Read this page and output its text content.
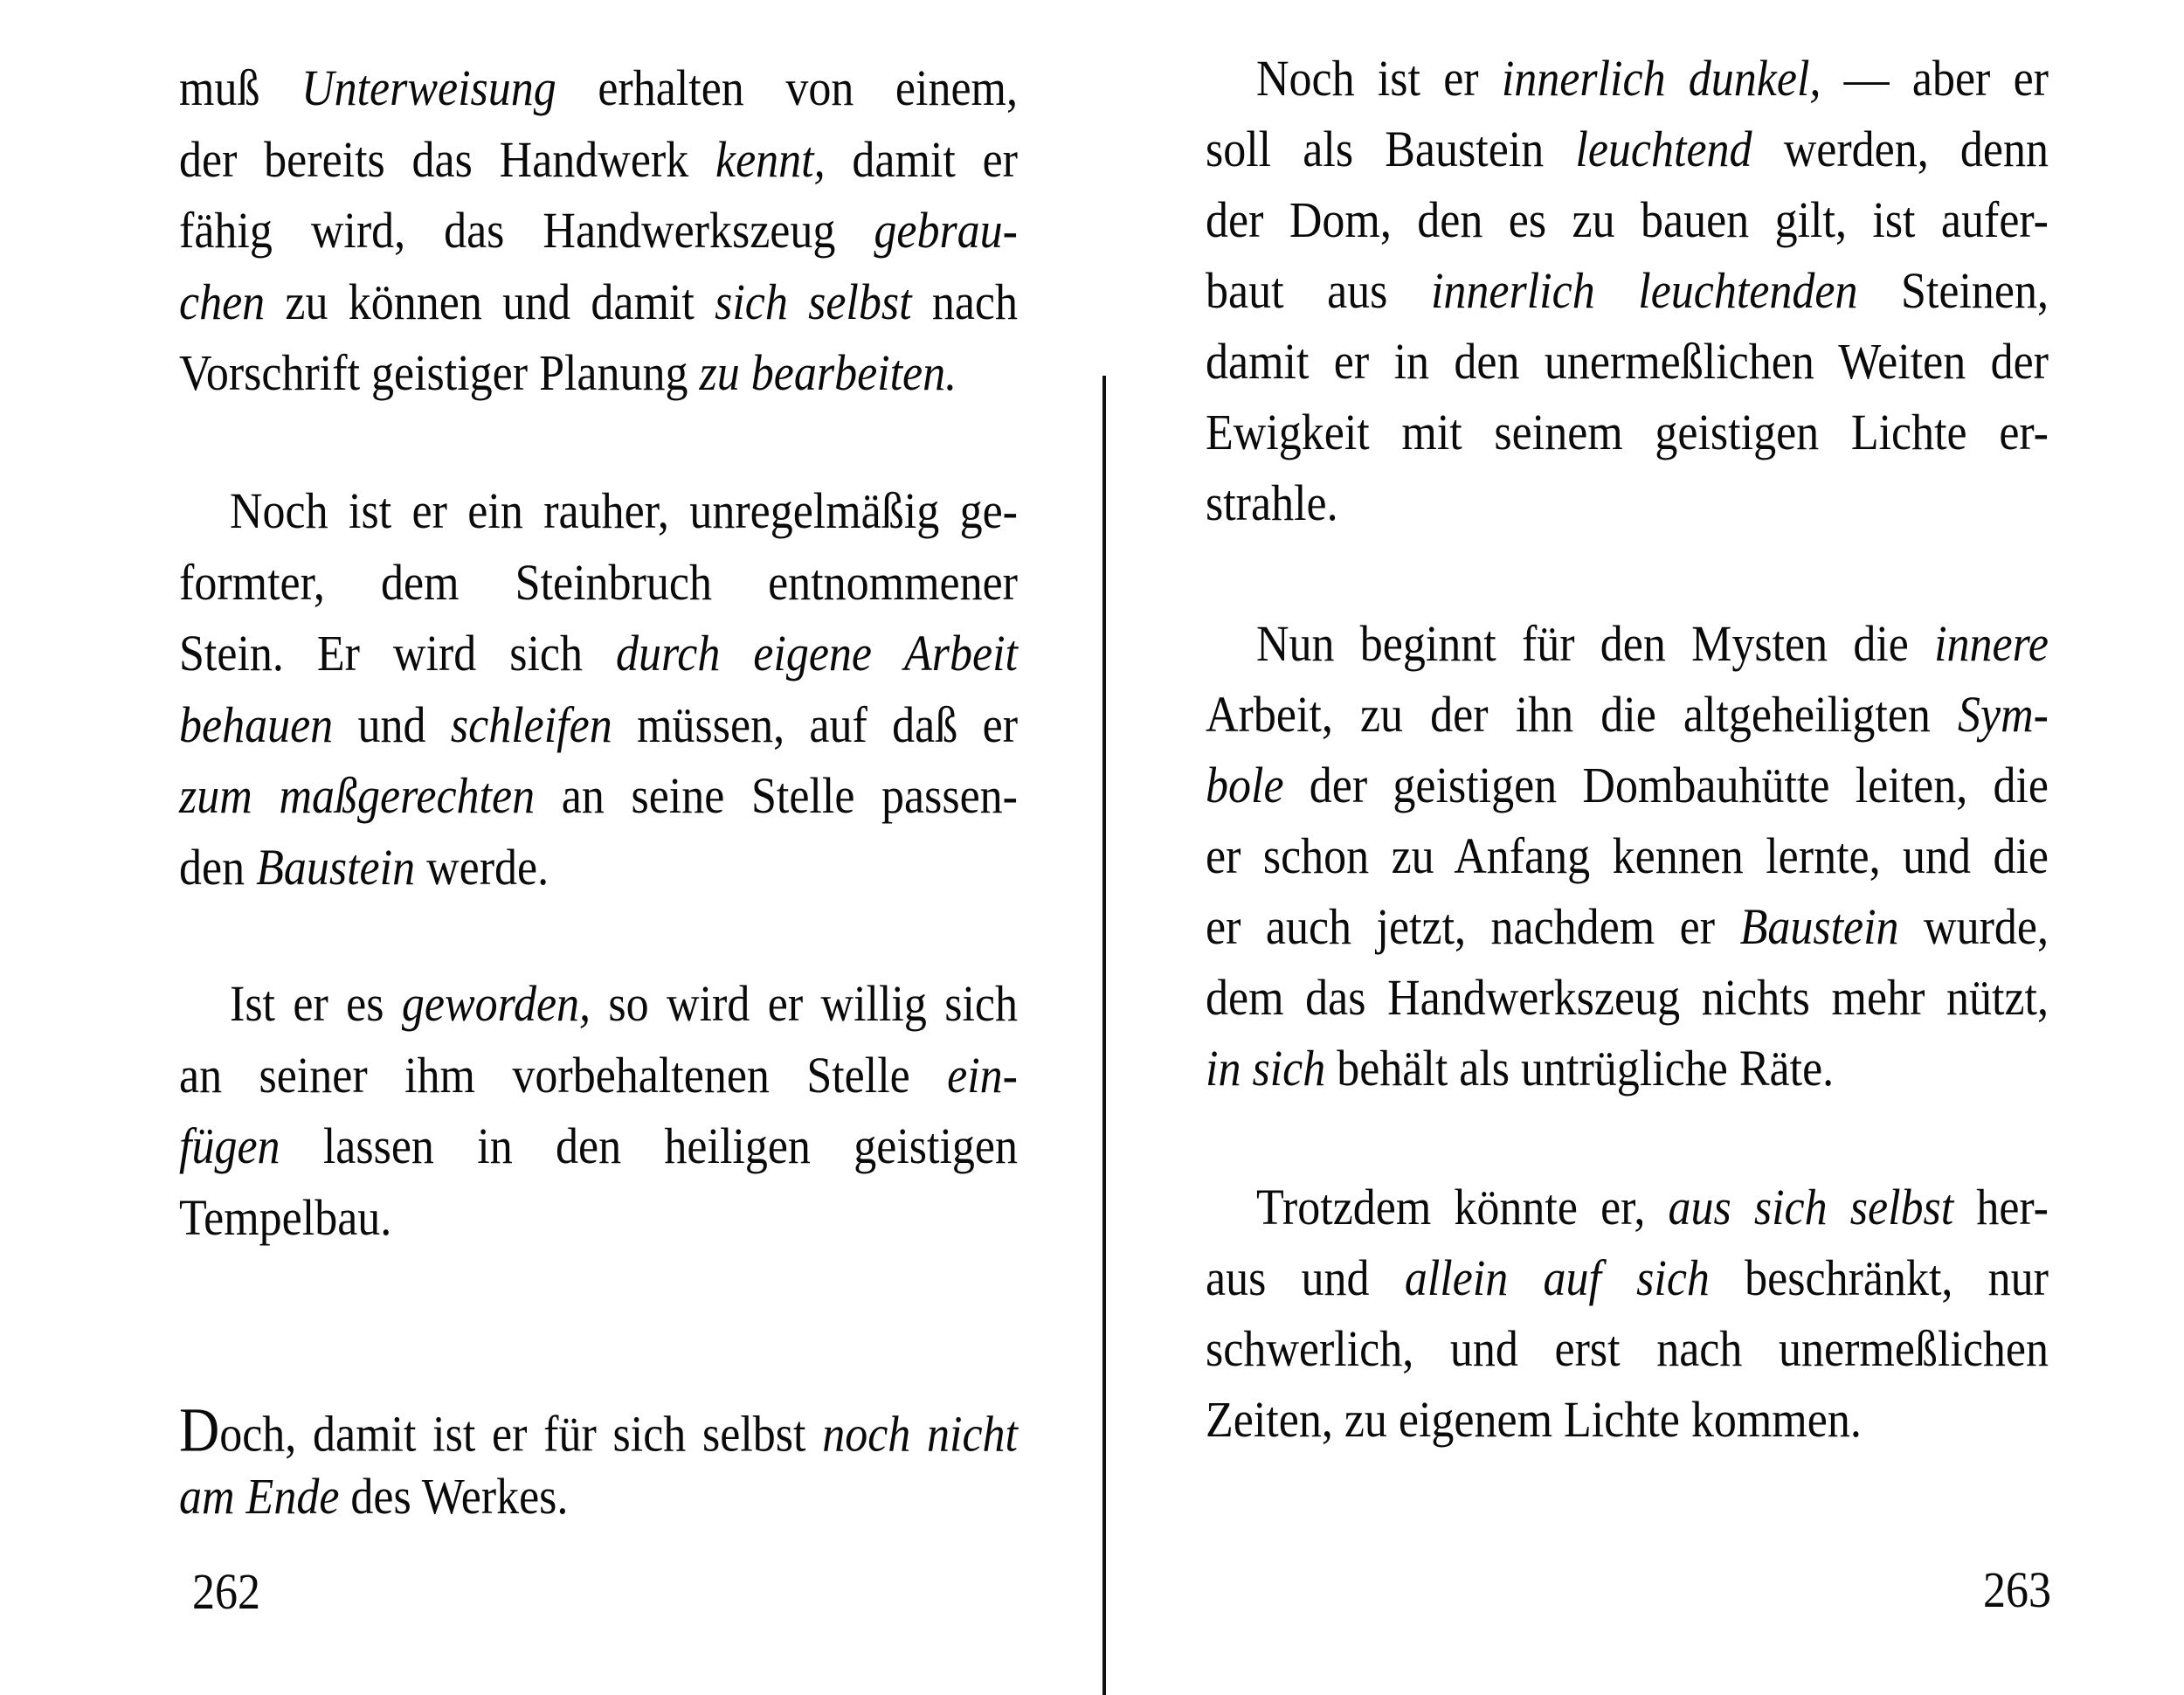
262
muß Unterweisung erhalten von einem,
der bereits das Handwerk kennt, damit er
fähig wird, das Handwerkszeug gebrau-
chen zu können und damit sich selbst nach
Vorschrift geistiger Planung zu bearbeiten.
Noch ist er ein rauher, unregelmäßig ge-
formter, dem Steinbruch entnommener
Stein. Er wird sich durch eigene Arbeit
behauen und schleifen müssen, auf daß er
zum maßgerechten an seine Stelle passen-
den Baustein werde.
Ist er es geworden, so wird er willig sich
an seiner ihm vorbehaltenen Stelle ein-
fügen lassen in den heiligen geistigen
Tempelbau.
Doch, damit ist er für sich selbst noch nicht
am Ende des Werkes.
263
Noch ist er innerlich dunkel, — aber er
soll als Baustein leuchtend werden, denn
der Dom, den es zu bauen gilt, ist aufer-
baut aus innerlich leuchtenden Steinen,
damit er in den unermeßlichen Weiten der
Ewigkeit mit seinem geistigen Lichte er-
strahle.
Nun beginnt für den Mysten die innere
Arbeit, zu der ihn die altgeheiligten Sym-
bole der geistigen Dombauhütte leiten, die
er schon zu Anfang kennen lernte, und die
er auch jetzt, nachdem er Baustein wurde,
dem das Handwerkszeug nichts mehr nützt,
in sich behält als untrügliche Räte.
Trotzdem könnte er, aus sich selbst her-
aus und allein auf sich beschränkt, nur
schwerlich, und erst nach unermeßlichen
Zeiten, zu eigenem Lichte kommen.
